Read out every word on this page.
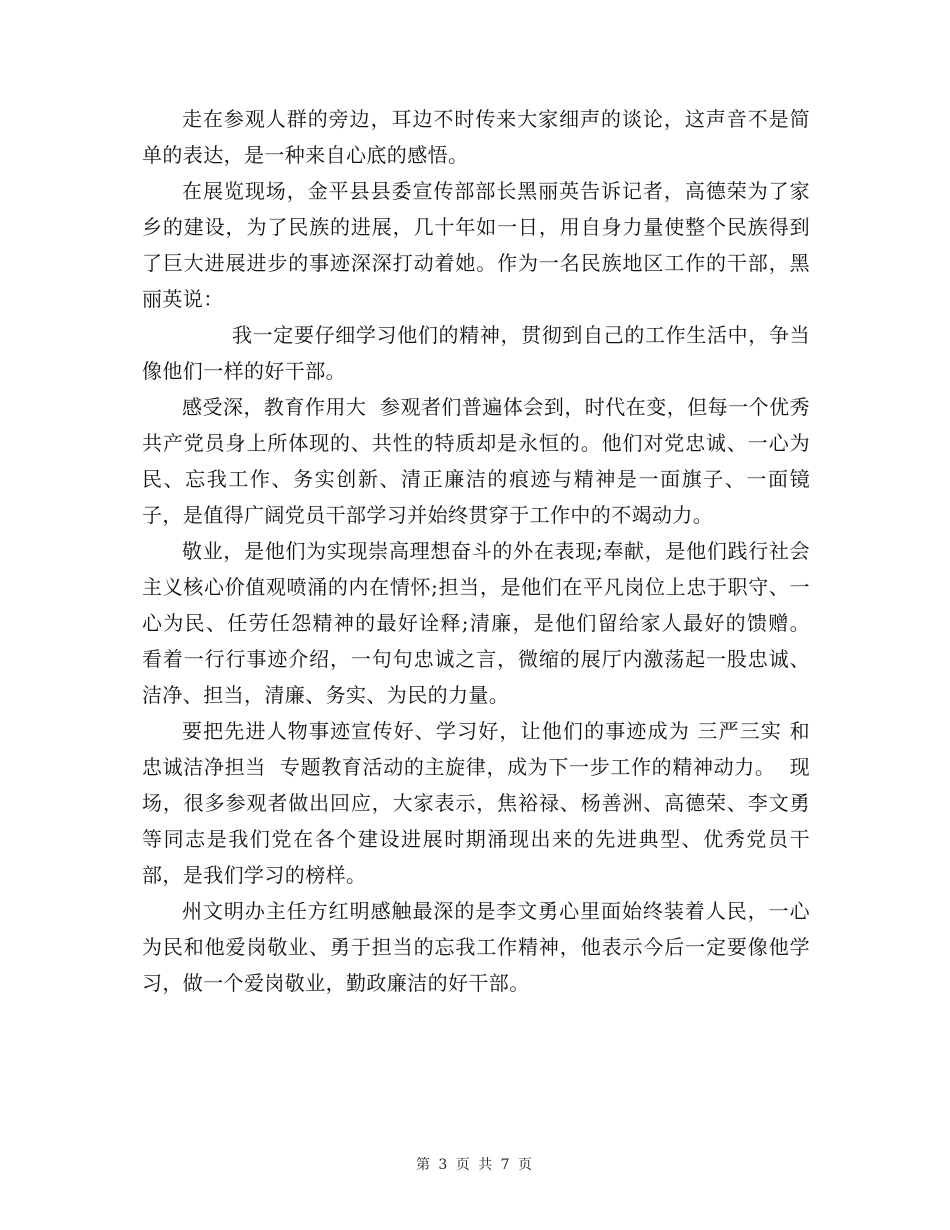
走在参观人群的旁边，耳边不时传来大家细声的谈论，这声音不是简单的表达，是一种来自心底的感悟。

在展览现场，金平县县委宣传部部长黑丽英告诉记者，高德荣为了家乡的建设，为了民族的进展，几十年如一日，用自身力量使整个民族得到了巨大进展进步的事迹深深打动着她。作为一名民族地区工作的干部，黑丽英说：

我一定要仔细学习他们的精神，贯彻到自己的工作生活中，争当像他们一样的好干部。

感受深，教育作用大  参观者们普遍体会到，时代在变，但每一个优秀共产党员身上所体现的、共性的特质却是永恒的。他们对党忠诚、一心为民、忘我工作、务实创新、清正廉洁的痕迹与精神是一面旗子、一面镜子，是值得广阔党员干部学习并始终贯穿于工作中的不竭动力。

敬业，是他们为实现崇高理想奋斗的外在表现;奉献，是他们践行社会主义核心价值观喷涌的内在情怀;担当，是他们在平凡岗位上忠于职守、一心为民、任劳任怨精神的最好诠释;清廉，是他们留给家人最好的馈赠。  看着一行行事迹介绍，一句句忠诚之言，微缩的展厅内激荡起一股忠诚、洁净、担当，清廉、务实、为民的力量。

要把先进人物事迹宣传好、学习好，让他们的事迹成为 三严三实 和  忠诚洁净担当  专题教育活动的主旋律，成为下一步工作的精神动力。  现场，很多参观者做出回应，大家表示，焦裕禄、杨善洲、高德荣、李文勇等同志是我们党在各个建设进展时期涌现出来的先进典型、优秀党员干部，是我们学习的榜样。

州文明办主任方红明感触最深的是李文勇心里面始终装着人民，一心为民和他爱岗敬业、勇于担当的忘我工作精神，他表示今后一定要像他学习，做一个爱岗敬业，勤政廉洁的好干部。

第 3 页 共 7 页
